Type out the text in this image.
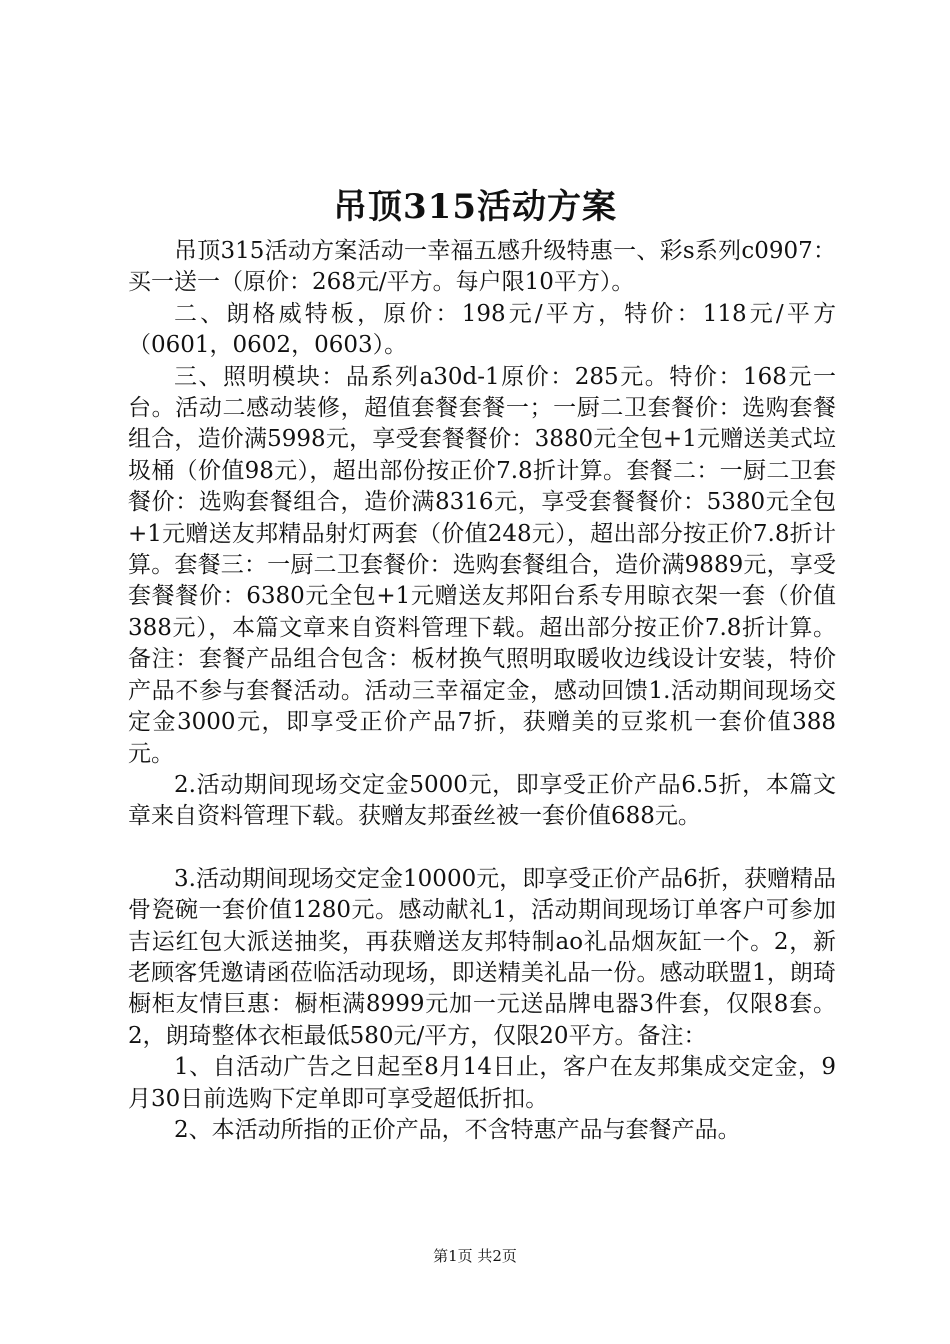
吊顶315活动方案

吊顶315活动方案活动一幸福五感升级特惠一、彩s系列c0907：买一送一（原价：268元/平方。每户限10平方）。

二、朗格威特板，原价：198元/平方，特价：118元/平方（0601，0602，0603）。

三、照明模块：品系列a30d-1原价：285元。特价：168元一台。活动二感动装修，超值套餐套餐一；一厨二卫套餐价：选购套餐组合，造价满5998元，享受套餐餐价：3880元全包+1元赠送美式垃圾桶（价值98元），超出部份按正价7.8折计算。套餐二：一厨二卫套餐价：选购套餐组合，造价满8316元，享受套餐餐价：5380元全包+1元赠送友邦精品射灯两套（价值248元），超出部分按正价7.8折计算。套餐三：一厨二卫套餐价：选购套餐组合，造价满9889元，享受套餐餐价：6380元全包+1元赠送友邦阳台系专用晾衣架一套（价值388元），本篇文章来自资料管理下载。超出部分按正价7.8折计算。备注：套餐产品组合包含：板材换气照明取暖收边线设计安装，特价产品不参与套餐活动。活动三幸福定金，感动回馈1.活动期间现场交定金3000元，即享受正价产品7折，获赠美的豆浆机一套价值388元。

2.活动期间现场交定金5000元，即享受正价产品6.5折，本篇文章来自资料管理下载。获赠友邦蚕丝被一套价值688元。

3.活动期间现场交定金10000元，即享受正价产品6折，获赠精品骨瓷碗一套价值1280元。感动献礼1，活动期间现场订单客户可参加吉运红包大派送抽奖，再获赠送友邦特制ao礼品烟灰缸一个。2，新老顾客凭邀请函莅临活动现场，即送精美礼品一份。感动联盟1，朗琦橱柜友情巨惠：橱柜满8999元加一元送品牌电器3件套，仅限8套。2，朗琦整体衣柜最低580元/平方，仅限20平方。备注：

1、自活动广告之日起至8月14日止，客户在友邦集成交定金，9月30日前选购下定单即可享受超低折扣。

2、本活动所指的正价产品，不含特惠产品与套餐产品。

第1页 共2页
